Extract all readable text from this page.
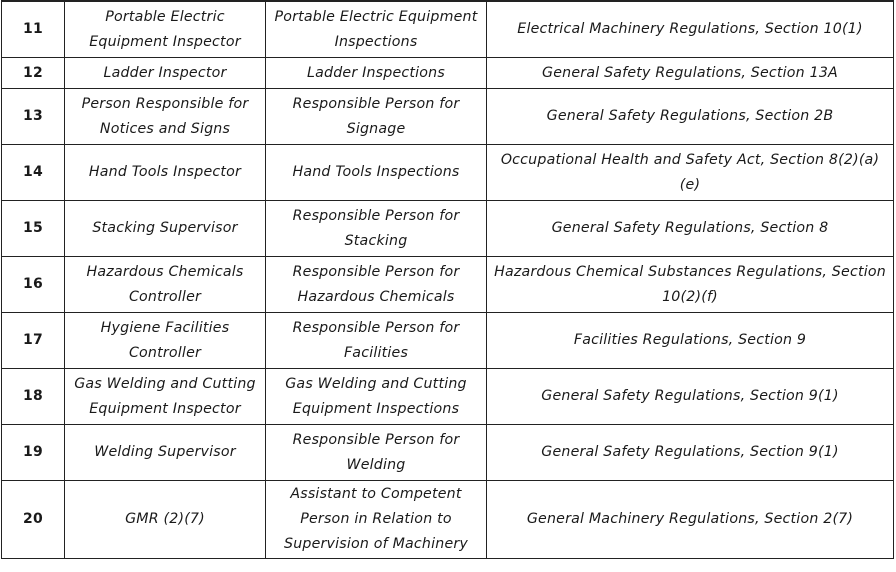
11	Portable Electric Equipment Inspector	Portable Electric Equipment Inspections	Electrical Machinery Regulations, Section 10(1)
12	Ladder Inspector	Ladder Inspections	General Safety Regulations, Section 13A
13	Person Responsible for Notices and Signs	Responsible Person for Signage	General Safety Regulations, Section 2B
14	Hand Tools Inspector	Hand Tools Inspections	Occupational Health and Safety Act, Section 8(2)(a)(e)
15	Stacking Supervisor	Responsible Person for Stacking	General Safety Regulations, Section 8
16	Hazardous Chemicals Controller	Responsible Person for Hazardous Chemicals	Hazardous Chemical Substances Regulations, Section 10(2)(f)
17	Hygiene Facilities Controller	Responsible Person for Facilities	Facilities Regulations, Section 9
18	Gas Welding and Cutting Equipment Inspector	Gas Welding and Cutting Equipment Inspections	General Safety Regulations, Section 9(1)
19	Welding Supervisor	Responsible Person for Welding	General Safety Regulations, Section 9(1)
20	GMR (2)(7)	Assistant to Competent Person in Relation to Supervision of Machinery	General Machinery Regulations, Section 2(7)
